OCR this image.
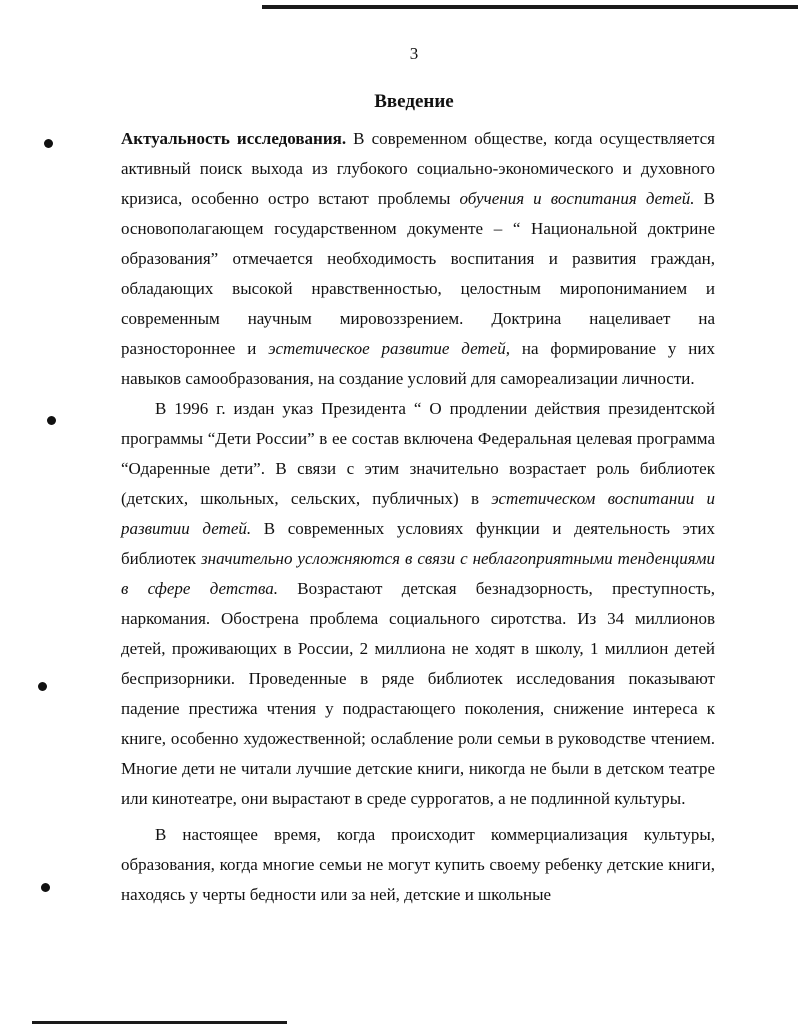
3
Введение

Актуальность исследования. В современном обществе, когда осуществляется активный поиск выхода из глубокого социально-экономического и духовного кризиса, особенно остро встают проблемы обучения и воспитания детей. В основополагающем государственном документе – “ Национальной доктрине образования” отмечается необходимость воспитания и развития граждан, обладающих высокой нравственностью, целостным миропониманием и современным научным мировоззрением. Доктрина нацеливает на разностороннее и эстетическое развитие детей, на формирование у них навыков самообразования, на создание условий для самореализации личности.

В 1996 г. издан указ Президента “ О продлении действия президентской программы “Дети России” в ее состав включена Федеральная целевая программа “Одаренные дети”. В связи с этим значительно возрастает роль библиотек (детских, школьных, сельских, публичных) в эстетическом воспитании и развитии детей. В современных условиях функции и деятельность этих библиотек значительно усложняются в связи с неблагоприятными тенденциями в сфере детства. Возрастают детская безнадзорность, преступность, наркомания. Обострена проблема социального сиротства. Из 34 миллионов детей, проживающих в России, 2 миллиона не ходят в школу, 1 миллион детей беспризорники. Проведенные в ряде библиотек исследования показывают падение престижа чтения у подрастающего поколения, снижение интереса к книге, особенно художественной; ослабление роли семьи в руководстве чтением. Многие дети не читали лучшие детские книги, никогда не были в детском театре или кинотеатре, они вырастают в среде суррогатов, а не подлинной культуры.

В настоящее время, когда происходит коммерциализация культуры, образования, когда многие семьи не могут купить своему ребенку детские книги, находясь у черты бедности или за ней, детские и школьные
